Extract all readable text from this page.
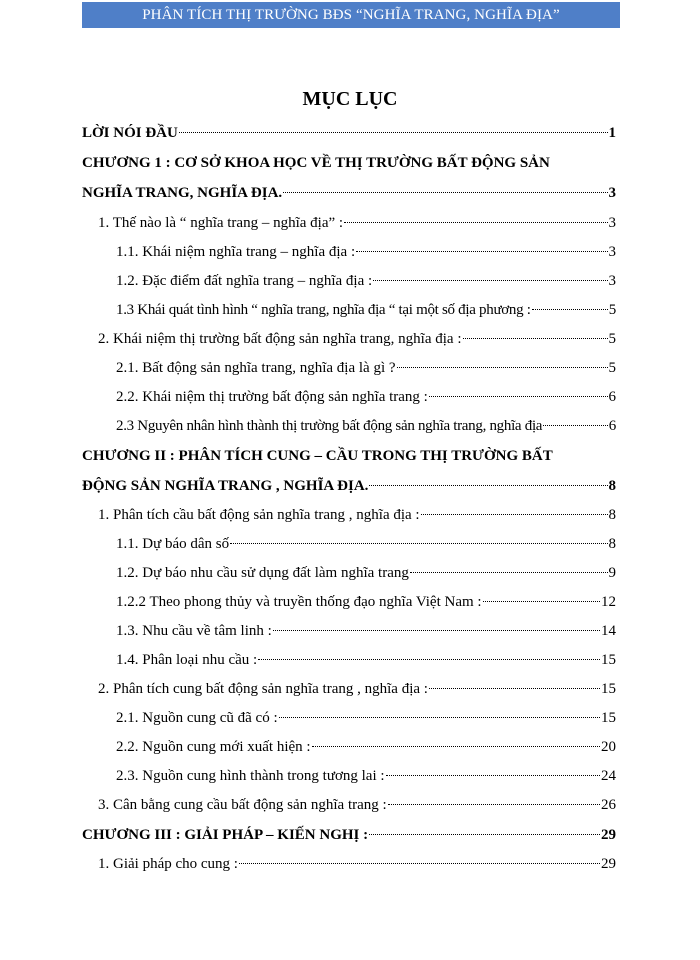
PHÂN TÍCH THỊ TRƯỜNG BĐS “NGHĨA TRANG, NGHĨA ĐỊA”
MỤC LỤC
LỜI NÓI ĐẦU	1
CHƯƠNG 1 : CƠ SỞ KHOA HỌC VỀ THỊ TRƯỜNG BẤT ĐỘNG SẢN
NGHĨA TRANG, NGHĨA ĐỊA.	3
1. Thế nào là “ nghĩa trang – nghĩa địa” :	3
1.1. Khái niệm nghĩa trang – nghĩa địa :	3
1.2. Đặc điểm đất nghĩa trang – nghĩa địa :	3
1.3 Khái quát tình hình “ nghĩa trang, nghĩa địa “ tại một số địa phương :	5
2. Khái niệm thị trường bất động sản nghĩa trang, nghĩa địa :	5
2.1. Bất động sản nghĩa trang, nghĩa địa là gì ?	5
2.2. Khái niệm thị trường bất động sản nghĩa trang :	6
2.3 Nguyên nhân hình thành thị trường bất động sản nghĩa trang, nghĩa địa	6
CHƯƠNG II : PHÂN TÍCH CUNG – CẦU TRONG THỊ TRƯỜNG BẤT
ĐỘNG SẢN NGHĨA TRANG , NGHĨA ĐỊA.	8
1. Phân tích cầu bất động sản nghĩa trang , nghĩa địa :	8
1.1. Dự báo dân số	8
1.2. Dự báo nhu cầu sử dụng đất làm nghĩa trang	9
1.2.2 Theo phong thủy và truyền thống đạo nghĩa Việt Nam :	12
1.3. Nhu cầu về tâm linh :	14
1.4. Phân loại nhu cầu :	15
2. Phân tích cung bất động sản nghĩa trang , nghĩa địa :	15
2.1. Nguồn cung cũ đã có :	15
2.2. Nguồn cung mới xuất hiện :	20
2.3. Nguồn cung hình thành trong tương lai :	24
3. Cân bằng cung cầu bất động sản nghĩa trang :	26
CHƯƠNG III : GIẢI PHÁP – KIẾN NGHỊ :	29
1. Giải pháp cho cung :	29
